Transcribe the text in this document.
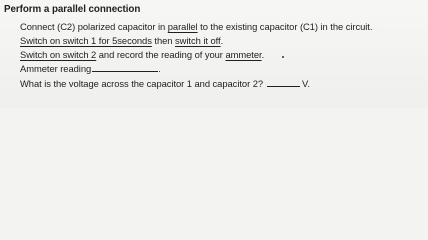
Perform a parallel connection
Connect (C2) polarized capacitor in parallel to the existing capacitor (C1) in the circuit.
Switch on switch 1 for 5seconds then switch it off.
Switch on switch 2 and record the reading of your ammeter.
Ammeter reading	.
What is the voltage across the capacitor 1 and capacitor 2?	V.
